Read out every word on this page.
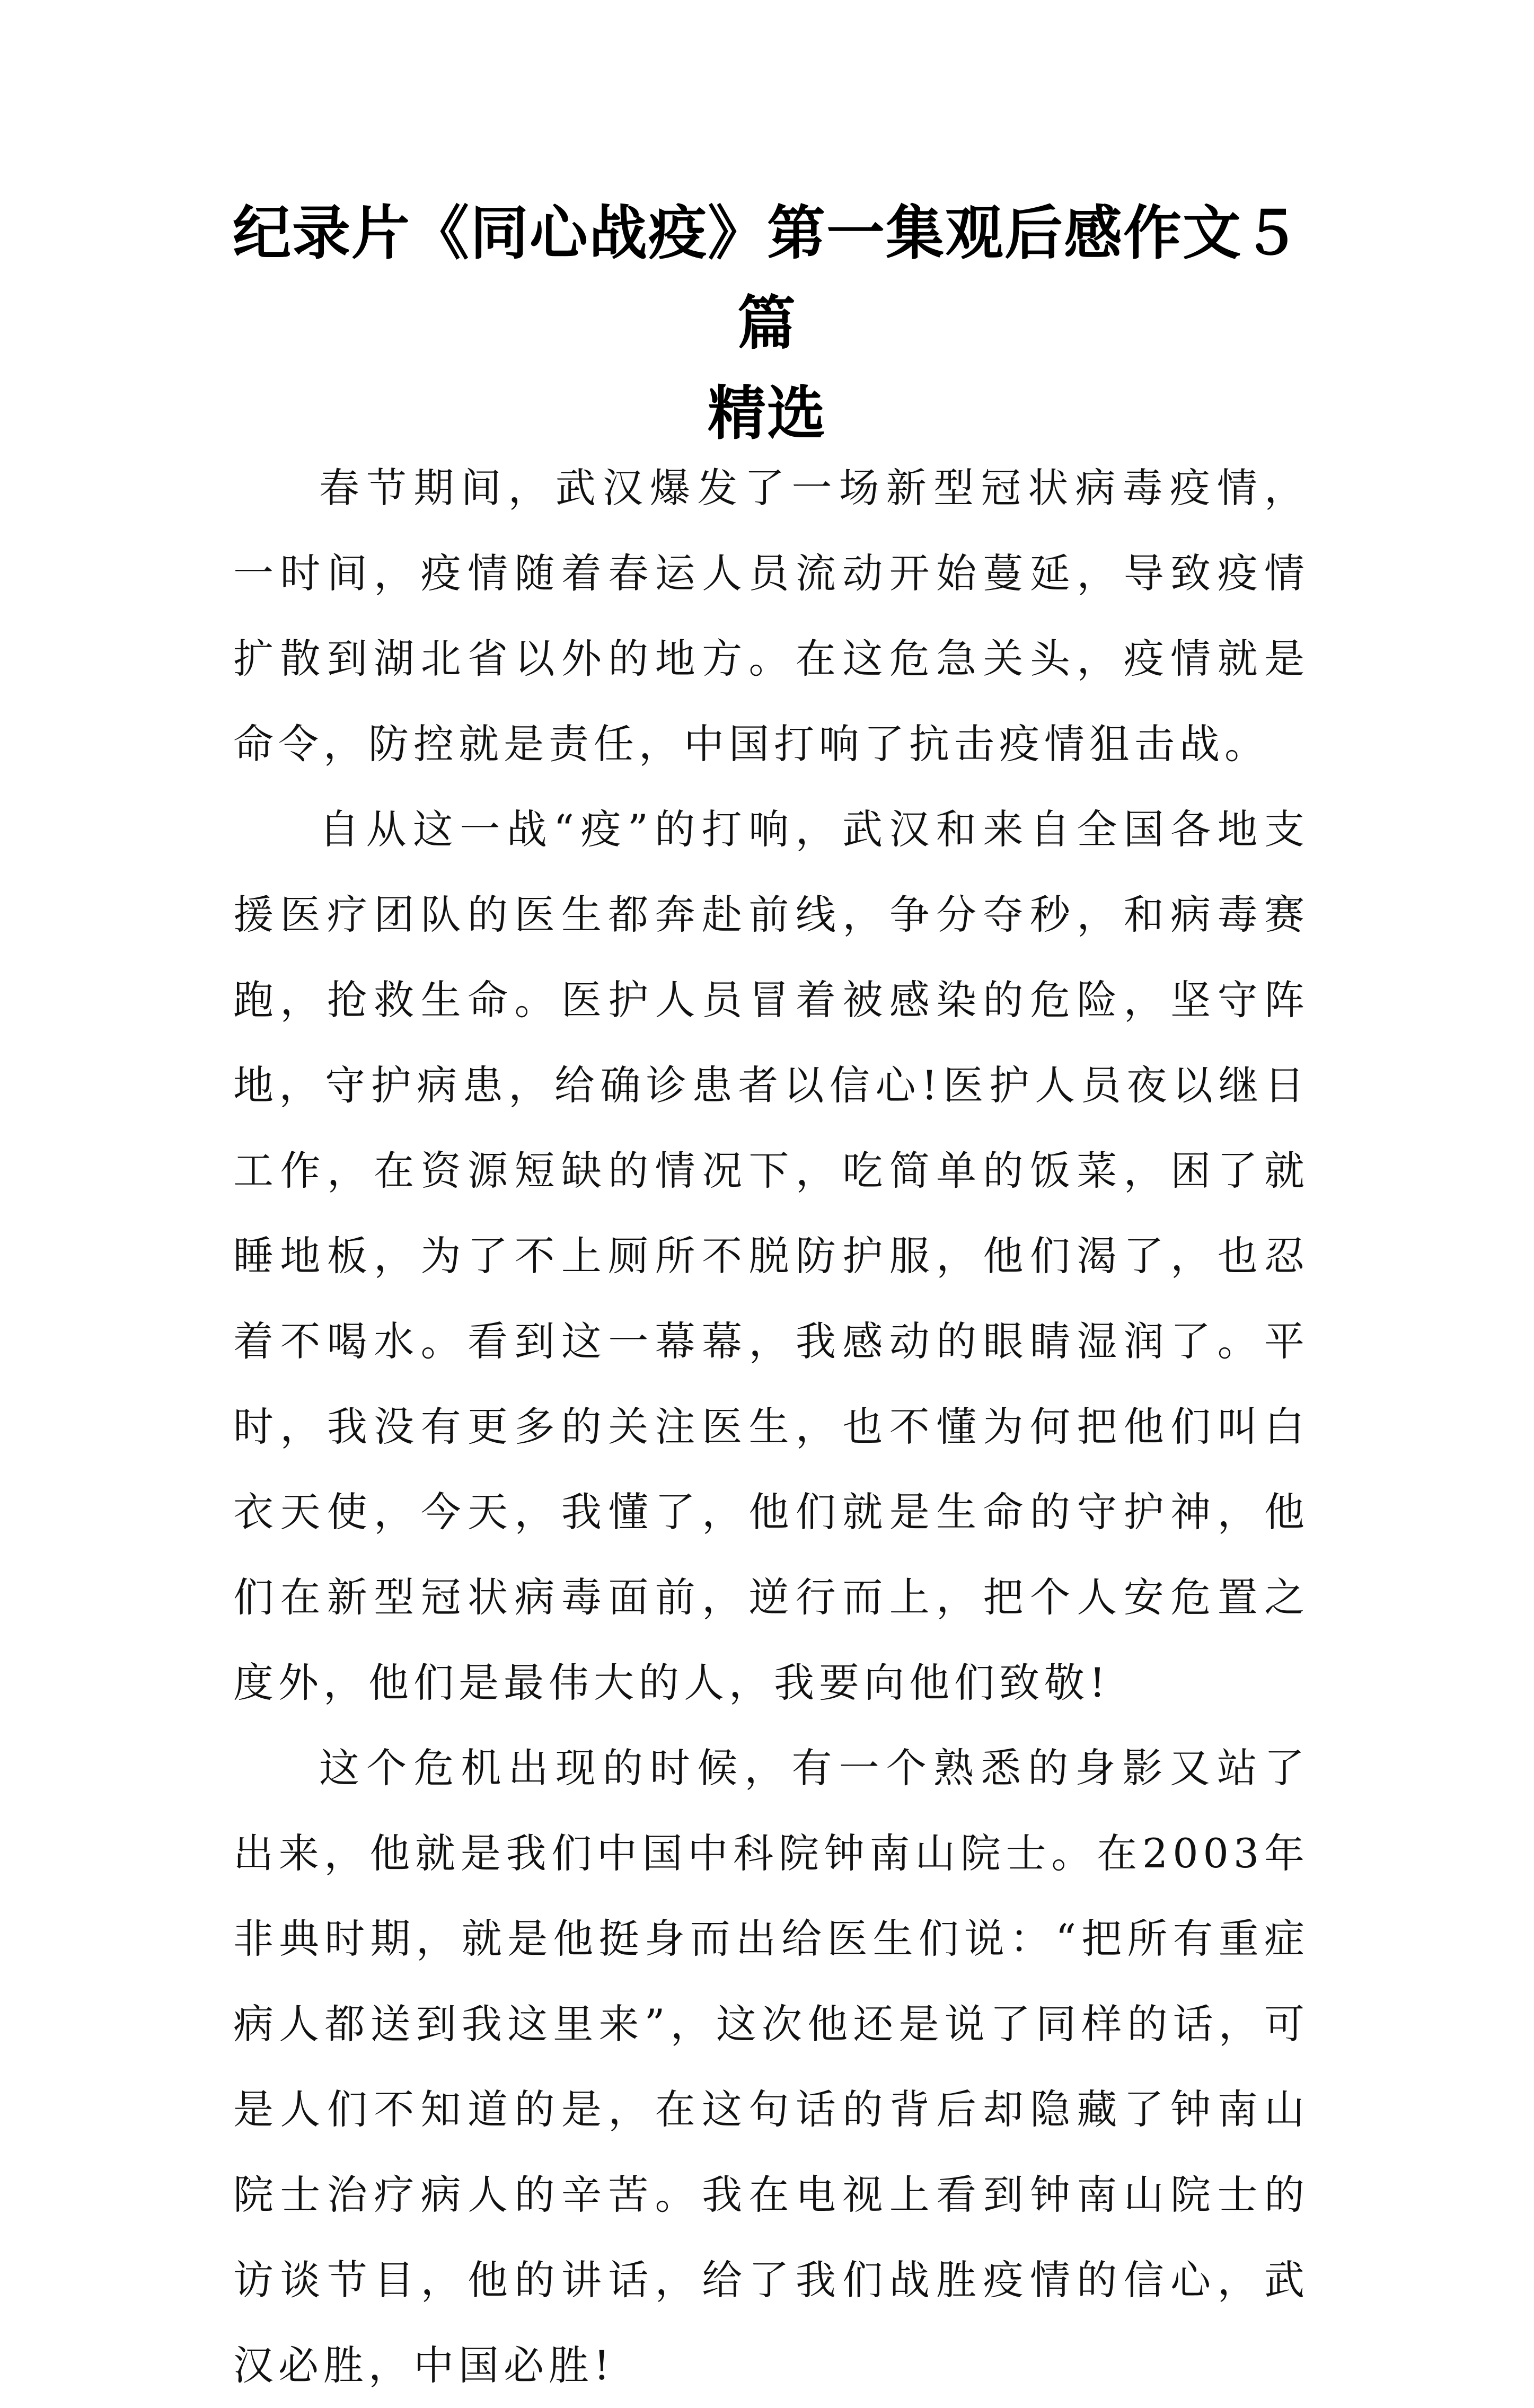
纪录片《同心战疫》第一集观后感作文５篇
精选

春节期间，武汉爆发了一场新型冠状病毒疫情，一时间，疫情随着春运人员流动开始蔓延，导致疫情扩散到湖北省以外的地方。在这危急关头，疫情就是命令，防控就是责任，中国打响了抗击疫情狙击战。

自从这一战“疫”的打响，武汉和来自全国各地支援医疗团队的医生都奔赴前线，争分夺秒，和病毒赛跑，抢救生命。医护人员冒着被感染的危险，坚守阵地，守护病患，给确诊患者以信心!医护人员夜以继日工作，在资源短缺的情况下，吃简单的饭菜，困了就睡地板，为了不上厕所不脱防护服，他们渴了，也忍着不喝水。看到这一幕幕，我感动的眼睛湿润了。平时，我没有更多的关注医生，也不懂为何把他们叫白衣天使，今天，我懂了，他们就是生命的守护神，他们在新型冠状病毒面前，逆行而上，把个人安危置之度外，他们是最伟大的人，我要向他们致敬!

这个危机出现的时候，有一个熟悉的身影又站了出来，他就是我们中国中科院钟南山院士。在2003年非典时期，就是他挺身而出给医生们说：“把所有重症病人都送到我这里来”，这次他还是说了同样的话，可是人们不知道的是，在这句话的背后却隐藏了钟南山院士治疗病人的辛苦。我在电视上看到钟南山院士的访谈节目，他的讲话，给了我们战胜疫情的信心，武汉必胜，中国必胜!
